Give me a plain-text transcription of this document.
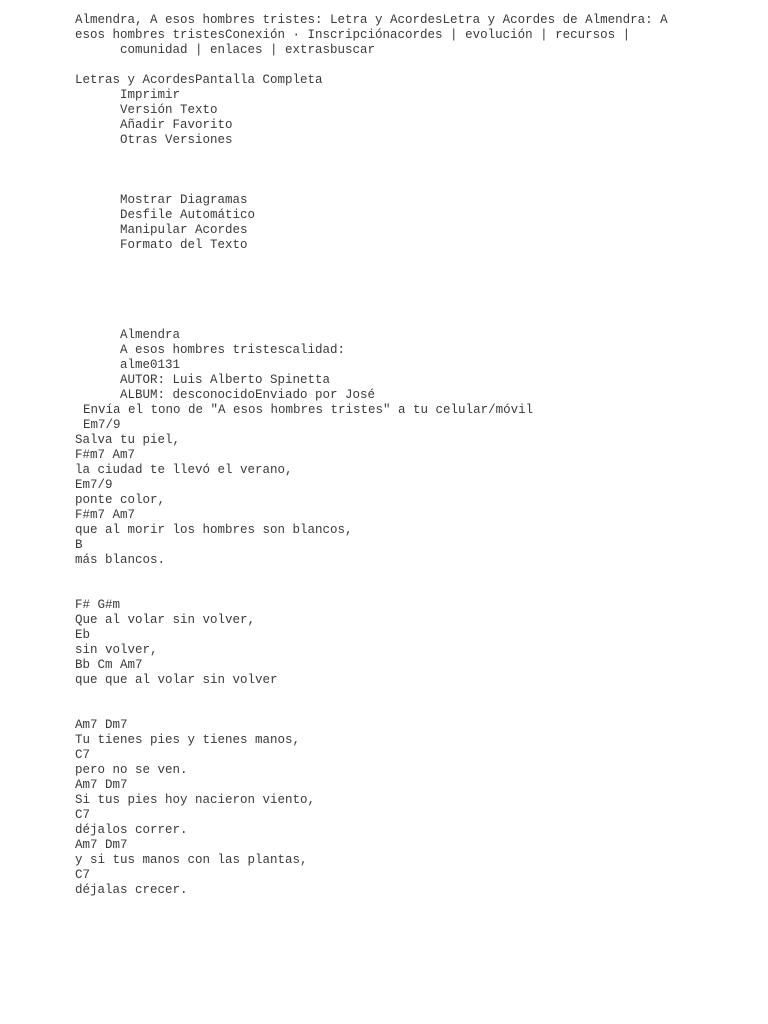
Almendra, A esos hombres tristes: Letra y AcordesLetra y Acordes de Almendra: A
esos hombres tristesConexión · Inscripciónacordes | evolución | recursos |
comunidad | enlaces | extrasbuscar
Letras y AcordesPantalla Completa
Imprimir
Versión Texto
Añadir Favorito
Otras Versiones
Mostrar Diagramas
Desfile Automático
Manipular Acordes
Formato del Texto
Almendra
A esos hombres tristescalidad:
alme0131
AUTOR: Luis Alberto Spinetta
ALBUM: desconocidoEnviado por José
Envía el tono de "A esos hombres tristes" a tu celular/móvil
Em7/9
Salva tu piel,
F#m7 Am7
la ciudad te llevó el verano,
Em7/9
ponte color,
F#m7 Am7
que al morir los hombres son blancos,
B
más blancos.
F# G#m
Que al volar sin volver,
Eb
sin volver,
Bb Cm Am7
que que al volar sin volver
Am7 Dm7
Tu tienes pies y tienes manos,
C7
pero no se ven.
Am7 Dm7
Si tus pies hoy nacieron viento,
C7
déjalos correr.
Am7 Dm7
y si tus manos con las plantas,
C7
déjalas crecer.
